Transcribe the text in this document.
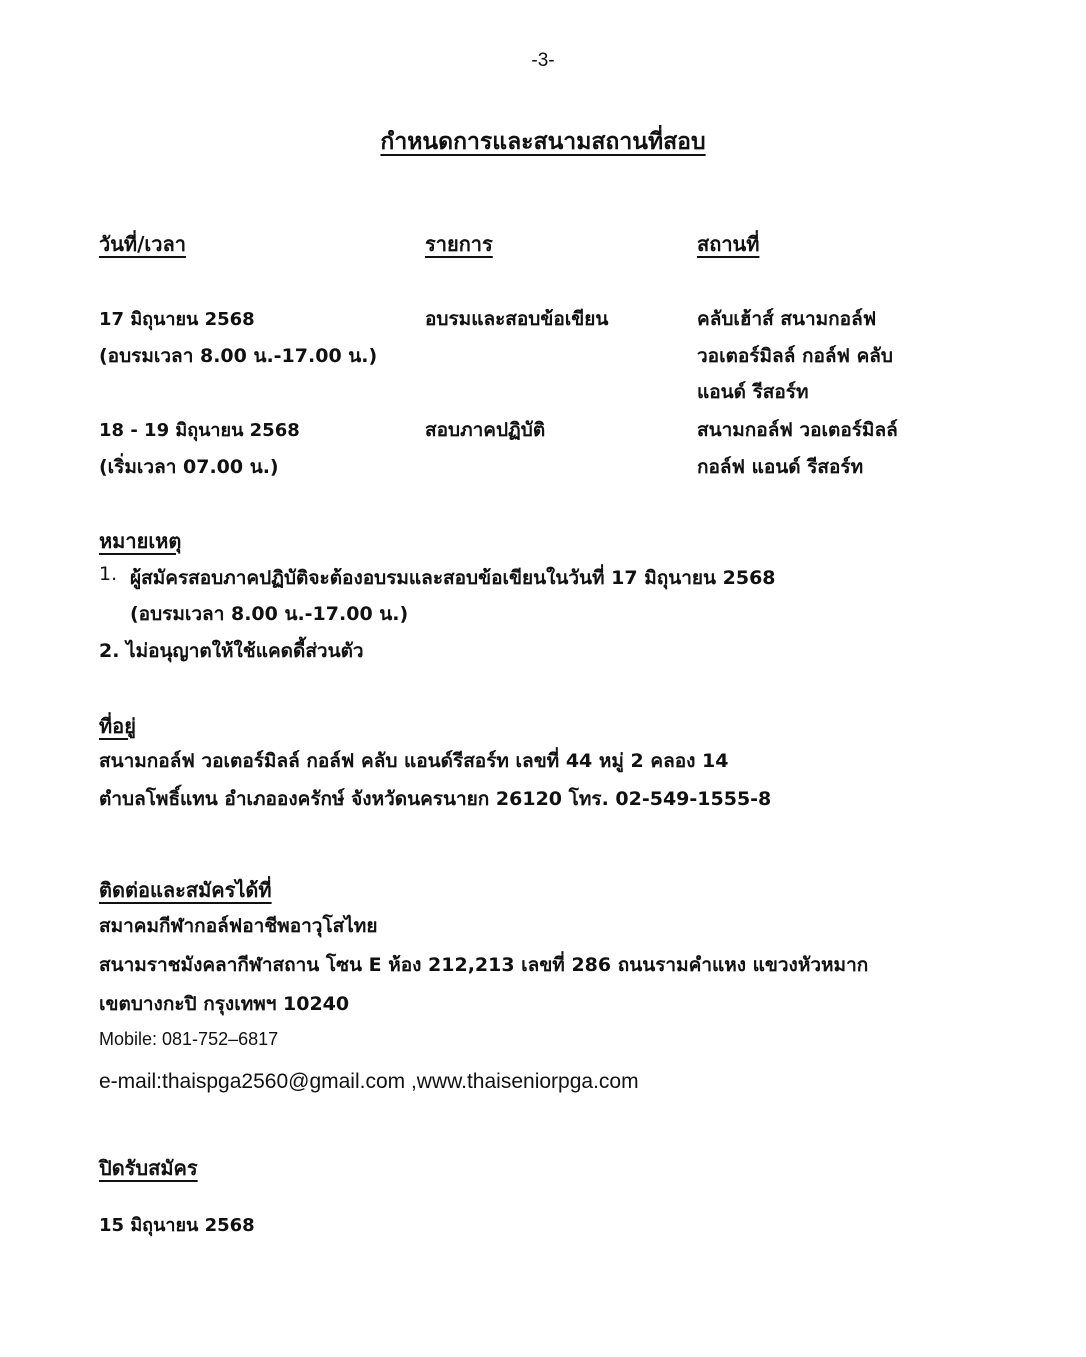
-3-
กำหนดการและสนามสถานที่สอบ
วันที่/เวลา	รายการ	สถานที่
17 มิถุนายน 2568
(อบรมเวลา 8.00 น.-17.00 น.)
อบรมและสอบข้อเขียน	คลับเฮ้าส์ สนามกอล์ฟ
วอเตอร์มิลล์ กอล์ฟ คลับ
แอนด์ รีสอร์ท
18 - 19 มิถุนายน 2568
(เริ่มเวลา 07.00 น.)
สอบภาคปฏิบัติ	สนามกอล์ฟ วอเตอร์มิลล์
กอล์ฟ แอนด์ รีสอร์ท
หมายเหตุ
1. ผู้สมัครสอบภาคปฏิบัติจะต้องอบรมและสอบข้อเขียนในวันที่ 17 มิถุนายน 2568
(อบรมเวลา 8.00 น.-17.00 น.)
2. ไม่อนุญาตให้ใช้แคดดี้ส่วนตัว
ที่อยู่
สนามกอล์ฟ วอเตอร์มิลล์ กอล์ฟ คลับ แอนด์รีสอร์ท เลขที่ 44 หมู่ 2 คลอง 14
ตำบลโพธิ์แทน อำเภอองครักษ์ จังหวัดนครนายก 26120 โทร. 02-549-1555-8
ติดต่อและสมัครได้ที่
สมาคมกีฬากอล์ฟอาชีพอาวุโสไทย
สนามราชมังคลากีฬาสถาน โซน E ห้อง 212,213 เลขที่ 286 ถนนรามคำแหง แขวงหัวหมาก
เขตบางกะปิ กรุงเทพฯ 10240
Mobile: 081-752–6817
e-mail:thaispga2560@gmail.com ,www.thaiseniorpga.com
ปิดรับสมัคร
15 มิถุนายน 2568
